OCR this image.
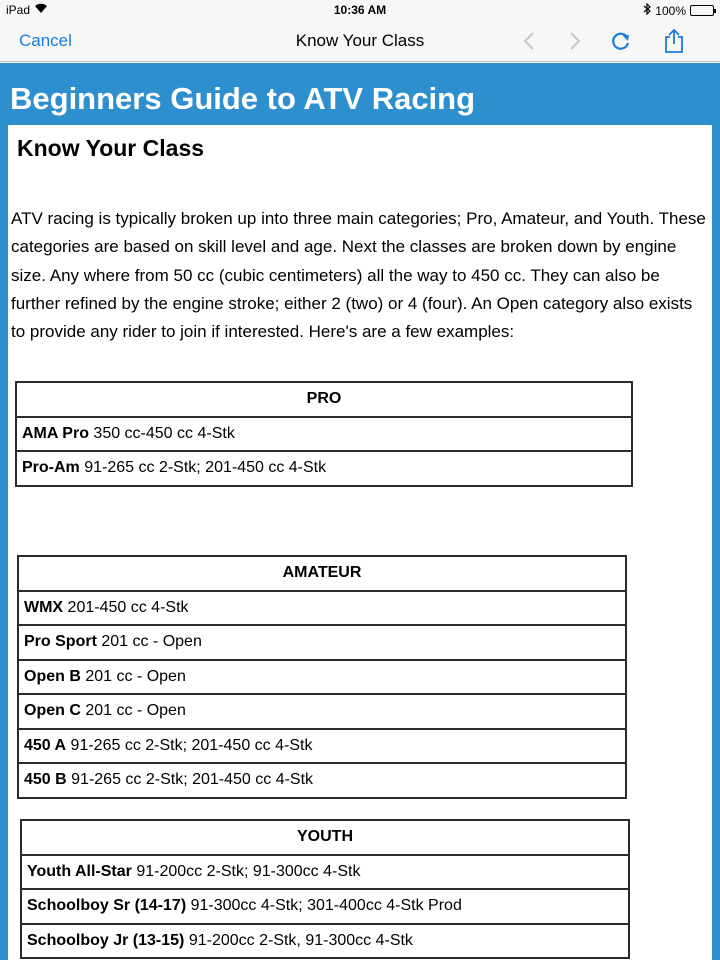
iPad	10:36 AM	100%
Cancel	Know Your Class
Beginners Guide to ATV Racing
Know Your Class
ATV racing is typically broken up into three main categories; Pro, Amateur, and Youth. These categories are based on skill level and age. Next the classes are broken down by engine size. Any where from 50 cc (cubic centimeters) all the way to 450 cc. They can also be further refined by the engine stroke; either 2 (two) or 4 (four). An Open category also exists to provide any rider to join if interested. Here's are a few examples:
PRO
AMA Pro 350 cc-450 cc 4-Stk
Pro-Am 91-265 cc 2-Stk; 201-450 cc 4-Stk
AMATEUR
WMX 201-450 cc 4-Stk
Pro Sport 201 cc - Open
Open B 201 cc - Open
Open C 201 cc - Open
450 A 91-265 cc 2-Stk; 201-450 cc 4-Stk
450 B 91-265 cc 2-Stk; 201-450 cc 4-Stk
YOUTH
Youth All-Star 91-200cc 2-Stk; 91-300cc 4-Stk
Schoolboy Sr (14-17) 91-300cc 4-Stk; 301-400cc 4-Stk Prod
Schoolboy Jr (13-15) 91-200cc 2-Stk, 91-300cc 4-Stk
